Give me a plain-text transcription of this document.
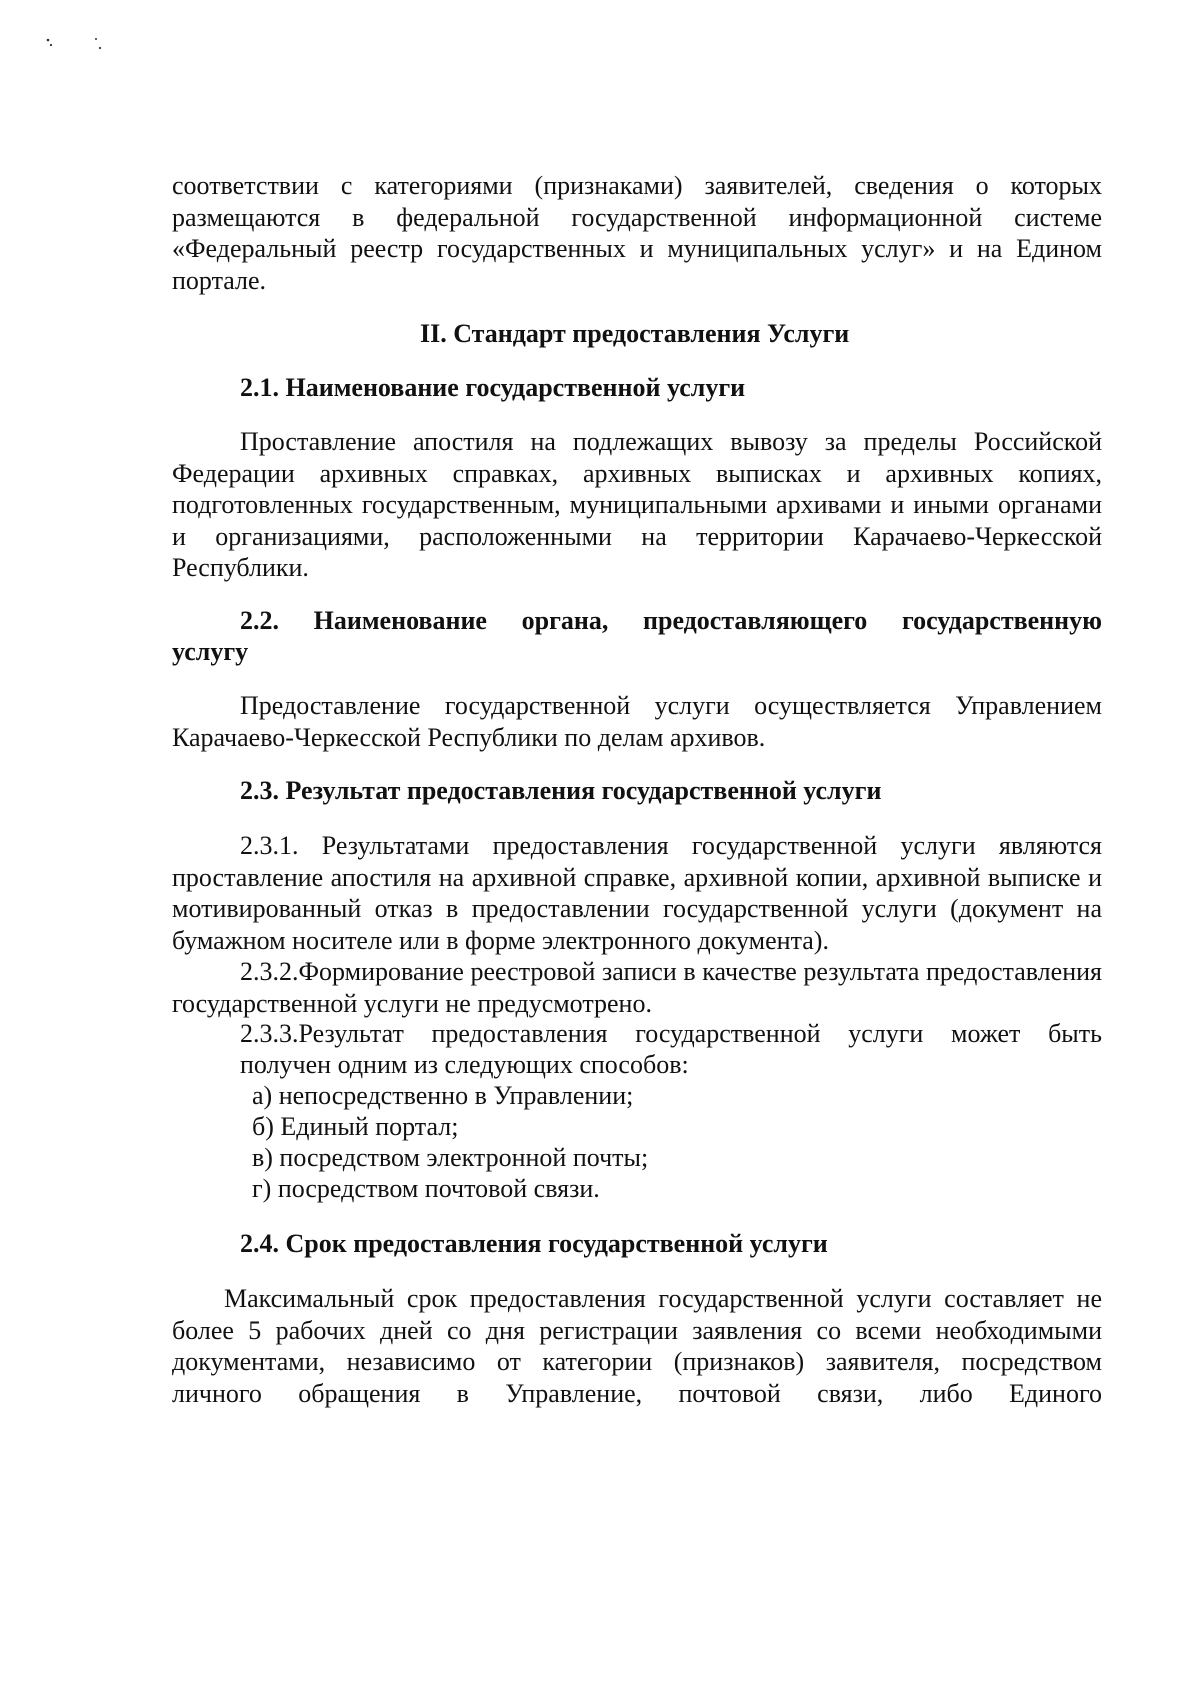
соответствии с категориями (признаками) заявителей, сведения о которых размещаются в федеральной государственной информационной системе «Федеральный реестр государственных и муниципальных услуг» и на Едином портале.

II. Стандарт предоставления Услуги
2.1. Наименование государственной услуги

Проставление апостиля на подлежащих вывозу за пределы Российской Федерации архивных справках, архивных выписках и архивных копиях, подготовленных государственным, муниципальными архивами и иными органами и организациями, расположенными на территории Карачаево-Черкесской Республики.

2.2. Наименование органа, предоставляющего государственную
услугу

Предоставление государственной услуги осуществляется Управлением Карачаево-Черкесской Республики по делам архивов.

2.3. Результат предоставления государственной услуги

2.3.1. Результатами предоставления государственной услуги являются проставление апостиля на архивной справке, архивной копии, архивной выписке и мотивированный отказ в предоставлении государственной услуги (документ на бумажном носителе или в форме электронного документа).

2.3.2.Формирование реестровой записи в качестве результата предоставления государственной услуги не предусмотрено.

2.3.3.Результат предоставления государственной услуги может быть
получен одним из следующих способов:
а) непосредственно в Управлении;
б) Единый портал;
в) посредством электронной почты;
г) посредством почтовой связи.
2.4. Срок предоставления государственной услуги

Максимальный срок предоставления государственной услуги составляет не более 5 рабочих дней со дня регистрации заявления со всеми необходимыми документами, независимо от категории (признаков) заявителя, посредством личного обращения в Управление, почтовой связи, либо Единого
